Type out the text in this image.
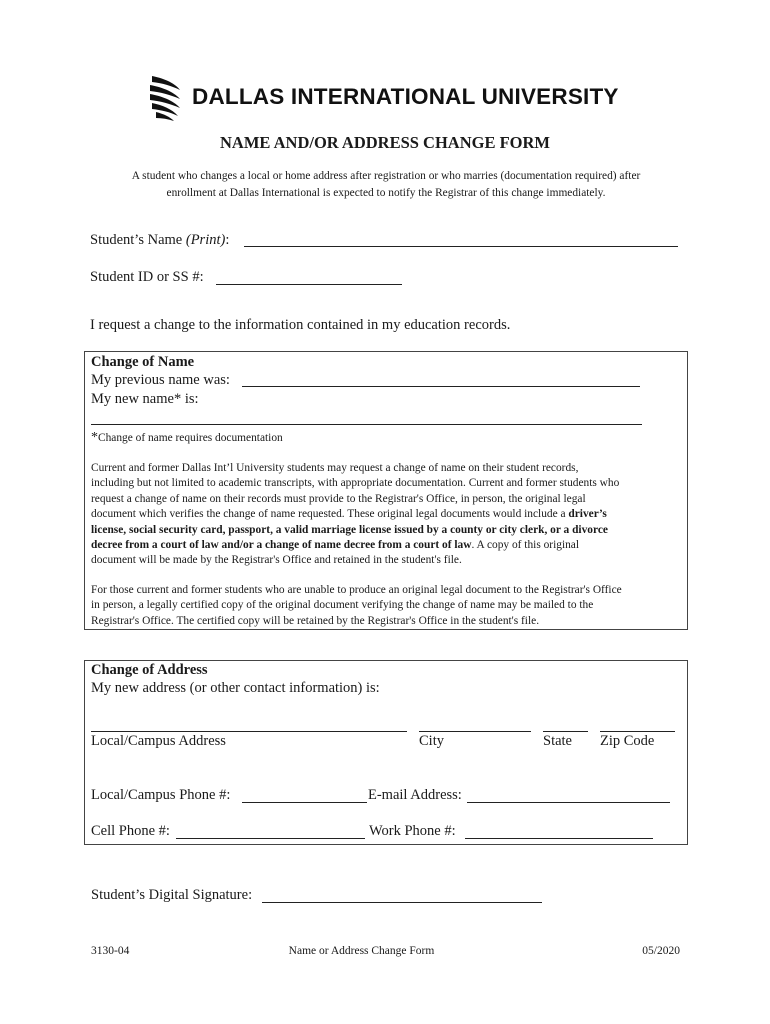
DALLAS INTERNATIONAL UNIVERSITY
NAME AND/OR ADDRESS CHANGE FORM
A student who changes a local or home address after registration or who marries (documentation required) after
enrollment at Dallas International is expected to notify the Registrar of this change immediately.
Student’s Name (Print):
Student ID or SS #:
I request a change to the information contained in my education records.
Change of Name
My previous name was:
My new name* is:
*Change of name requires documentation
Current and former Dallas Int’l University students may request a change of name on their student records,
including but not limited to academic transcripts, with appropriate documentation. Current and former students who
request a change of name on their records must provide to the Registrar's Office, in person, the original legal
document which verifies the change of name requested. These original legal documents would include a driver’s
license, social security card, passport, a valid marriage license issued by a county or city clerk, or a divorce
decree from a court of law and/or a change of name decree from a court of law. A copy of this original
document will be made by the Registrar's Office and retained in the student's file.
For those current and former students who are unable to produce an original legal document to the Registrar's Office
in person, a legally certified copy of the original document verifying the change of name may be mailed to the
Registrar's Office. The certified copy will be retained by the Registrar's Office in the student's file.
Change of Address
My new address (or other contact information) is:
Local/Campus Address	City	State Zip Code
Local/Campus Phone #:	E-mail Address:
Cell Phone #:	Work Phone #:
Student’s Digital Signature:
3130-04	Name or Address Change Form	05/2020
